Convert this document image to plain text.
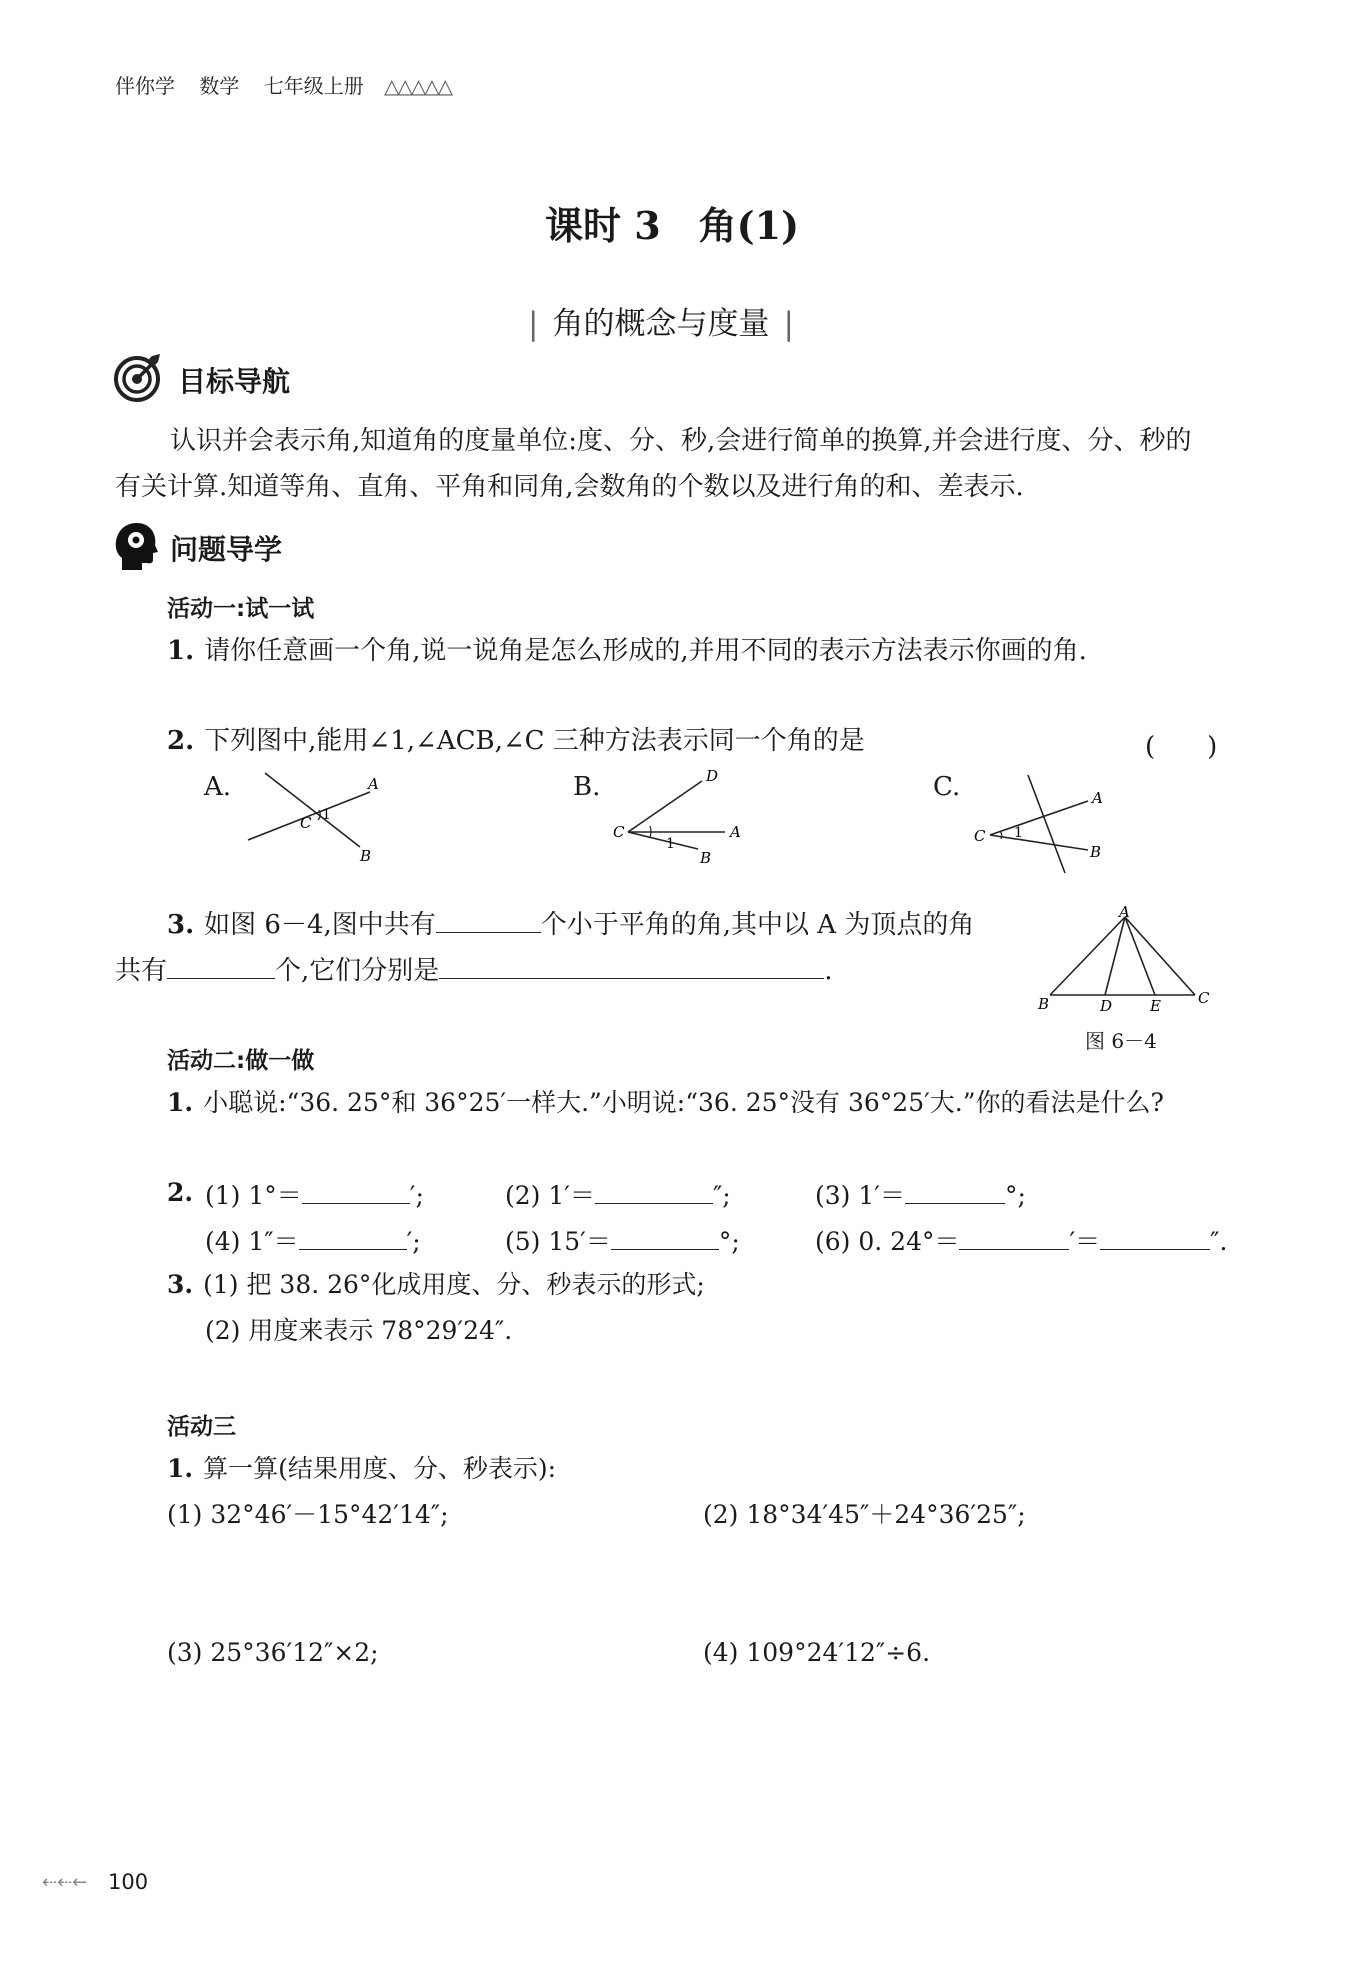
伴你学 数学 七年级上册 △△△△△
课时 3　角(1)
| 角的概念与度量 |
目标导航
认识并会表示角,知道角的度量单位:度、分、秒,会进行简单的换算,并会进行度、分、秒的
有关计算.知道等角、直角、平角和同角,会数角的个数以及进行角的和、差表示.
问题导学
活动一:试一试
1. 请你任意画一个角,说一说角是怎么形成的,并用不同的表示方法表示你画的角.
2. 下列图中,能用∠1,∠ACB,∠C 三种方法表示同一个角的是	(　　)
A.	B.	C.
A
B
C 1
D
A
B
C
1
A
B
C 1
3. 如图 6－4,图中共有	个小于平角的角,其中以 A 为顶点的角
共有	个,它们分别是	.
A
B	D	E C
图 6－4
活动二:做一做
1. 小聪说:“36. 25°和 36°25′一样大.”小明说:“36. 25°没有 36°25′大.”你的看法是什么?
2. (1) 1°＝	′;	(2) 1′＝	″;	(3) 1′＝	°;
(4) 1″＝	′;	(5) 15′＝	°;	(6) 0. 24°＝	′＝	″.
3. (1) 把 38. 26°化成用度、分、秒表示的形式;
(2) 用度来表示 78°29′24″.
活动三
1. 算一算(结果用度、分、秒表示):
(1) 32°46′－15°42′14″;	(2) 18°34′45″＋24°36′25″;
(3) 25°36′12″×2;	(4) 109°24′12″÷6.
⇠⇠← 100
